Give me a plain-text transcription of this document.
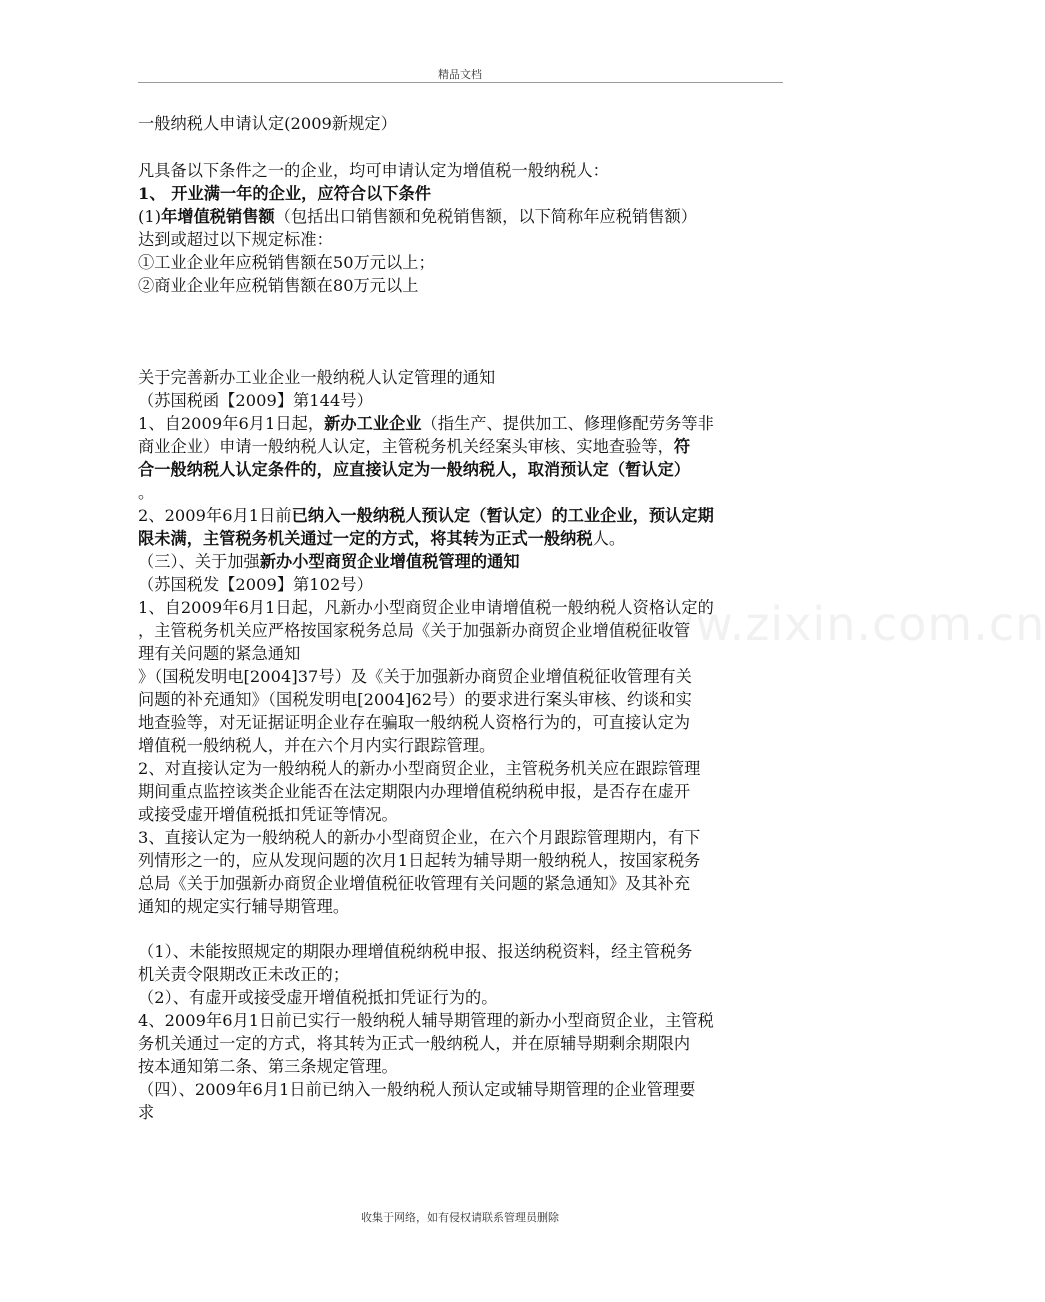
精品文档
www.zixin.com.cn
一般纳税人申请认定(2009新规定）
凡具备以下条件之一的企业，均可申请认定为增值税一般纳税人：
1、 开业满一年的企业，应符合以下条件
(1)年增值税销售额（包括出口销售额和免税销售额，以下简称年应税销售额）
达到或超过以下规定标准：
①工业企业年应税销售额在50万元以上；
②商业企业年应税销售额在80万元以上
关于完善新办工业企业一般纳税人认定管理的通知
（苏国税函【2009】第144号）
1、自2009年6月1日起，新办工业企业（指生产、提供加工、修理修配劳务等非
商业企业）申请一般纳税人认定，主管税务机关经案头审核、实地查验等，符
合一般纳税人认定条件的，应直接认定为一般纳税人，取消预认定（暂认定）
。
2、2009年6月1日前已纳入一般纳税人预认定（暂认定）的工业企业，预认定期
限未满，主管税务机关通过一定的方式，将其转为正式一般纳税人。
（三）、关于加强新办小型商贸企业增值税管理的通知
（苏国税发【2009】第102号）
1、自2009年6月1日起，凡新办小型商贸企业申请增值税一般纳税人资格认定的
，主管税务机关应严格按国家税务总局《关于加强新办商贸企业增值税征收管
理有关问题的紧急通知
》（国税发明电[2004]37号）及《关于加强新办商贸企业增值税征收管理有关
问题的补充通知》（国税发明电[2004]62号）的要求进行案头审核、约谈和实
地查验等，对无证据证明企业存在骗取一般纳税人资格行为的，可直接认定为
增值税一般纳税人，并在六个月内实行跟踪管理。
2、对直接认定为一般纳税人的新办小型商贸企业，主管税务机关应在跟踪管理
期间重点监控该类企业能否在法定期限内办理增值税纳税申报，是否存在虚开
或接受虚开增值税抵扣凭证等情况。
3、直接认定为一般纳税人的新办小型商贸企业，在六个月跟踪管理期内，有下
列情形之一的，应从发现问题的次月1日起转为辅导期一般纳税人，按国家税务
总局《关于加强新办商贸企业增值税征收管理有关问题的紧急通知》及其补充
通知的规定实行辅导期管理。
（1）、未能按照规定的期限办理增值税纳税申报、报送纳税资料，经主管税务
机关责令限期改正未改正的；
（2）、有虚开或接受虚开增值税抵扣凭证行为的。
4、2009年6月1日前已实行一般纳税人辅导期管理的新办小型商贸企业，主管税
务机关通过一定的方式，将其转为正式一般纳税人，并在原辅导期剩余期限内
按本通知第二条、第三条规定管理。
（四）、2009年6月1日前已纳入一般纳税人预认定或辅导期管理的企业管理要
求
收集于网络，如有侵权请联系管理员删除
